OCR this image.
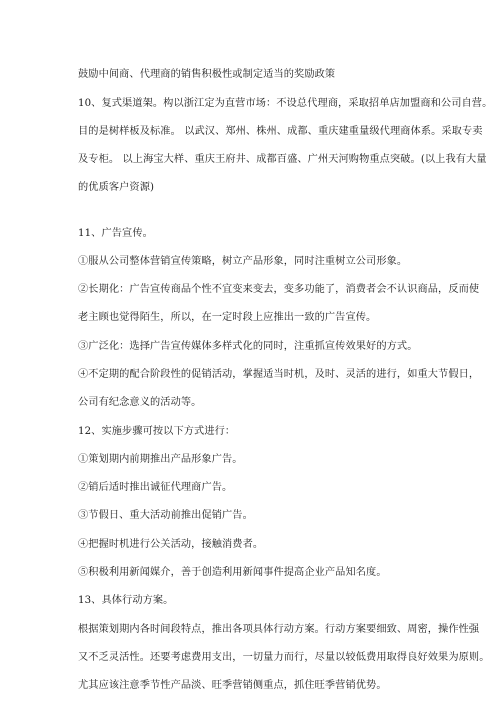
鼓励中间商、代理商的销售积极性或制定适当的奖励政策
10、复式渠道架。构以浙江定为直营市场：不设总代理商，采取招单店加盟商和公司自营。
目的是树样板及标准。 以武汉、郑州、株州、成都、重庆建重量级代理商体系。采取专卖
及专柜。 以上海宝大样、重庆王府井、成都百盛、广州天河购物重点突破。(以上我有大量
的优质客户资源)
11、广告宣传。
①服从公司整体营销宣传策略，树立产品形象，同时注重树立公司形象。
②长期化：广告宣传商品个性不宜变来变去，变多功能了，消费者会不认识商品，反而使
老主顾也觉得陌生，所以，在一定时段上应推出一致的广告宣传。
③广泛化：选择广告宣传媒体多样式化的同时，注重抓宣传效果好的方式。
④不定期的配合阶段性的促销活动，掌握适当时机，及时、灵活的进行，如重大节假日，
公司有纪念意义的活动等。
12、实施步骤可按以下方式进行：
①策划期内前期推出产品形象广告。
②销后适时推出诚征代理商广告。
③节假日、重大活动前推出促销广告。
④把握时机进行公关活动，接触消费者。
⑤积极利用新闻媒介，善于创造利用新闻事件提高企业产品知名度。
13、具体行动方案。
根据策划期内各时间段特点，推出各项具体行动方案。行动方案要细致、周密，操作性强
又不乏灵活性。还要考虑费用支出，一切量力而行，尽量以较低费用取得良好效果为原则。
尤其应该注意季节性产品淡、旺季营销侧重点，抓住旺季营销优势。
